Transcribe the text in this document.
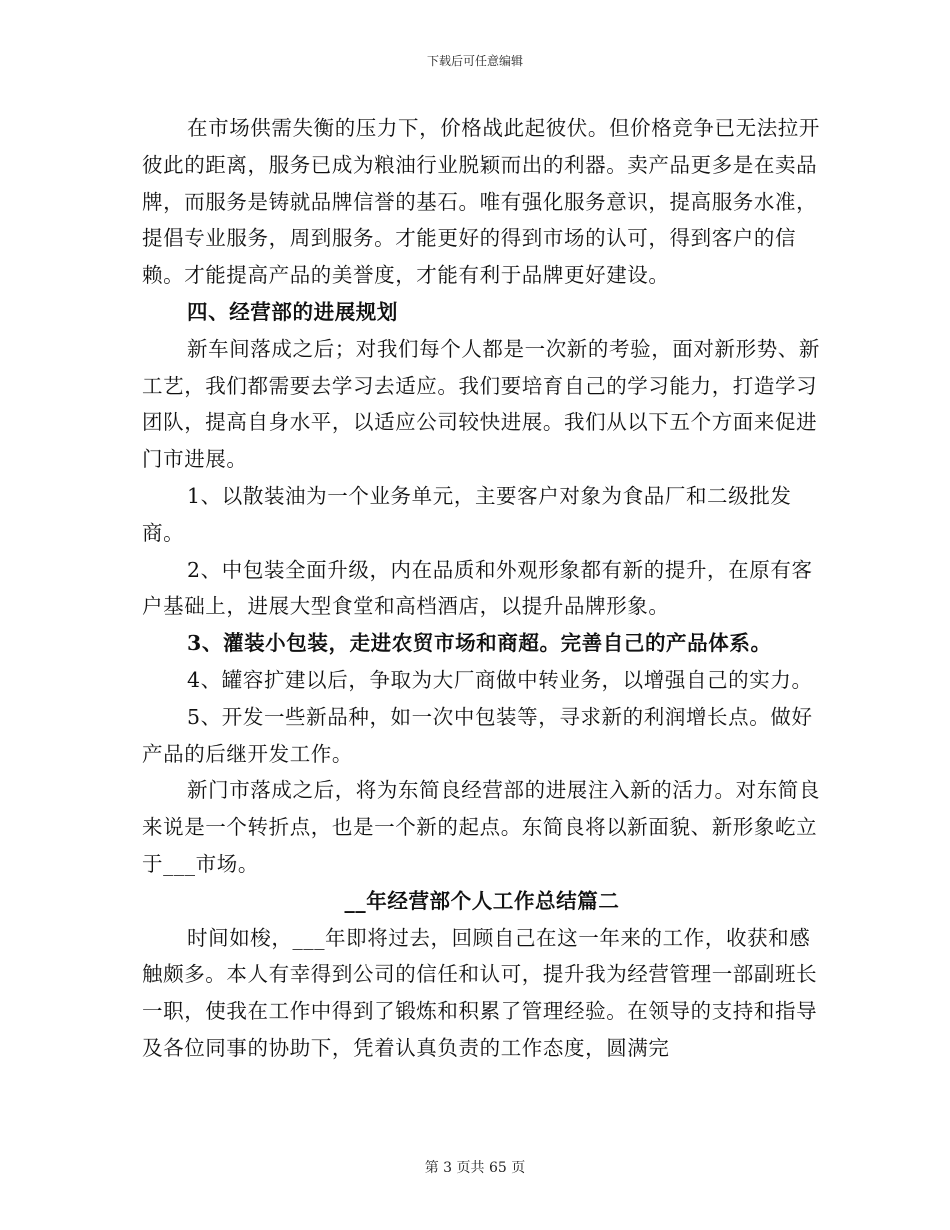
下载后可任意编辑

在市场供需失衡的压力下，价格战此起彼伏。但价格竞争已无法拉开彼此的距离，服务已成为粮油行业脱颖而出的利器。卖产品更多是在卖品牌，而服务是铸就品牌信誉的基石。唯有强化服务意识，提高服务水准，提倡专业服务，周到服务。才能更好的得到市场的认可，得到客户的信赖。才能提高产品的美誉度，才能有利于品牌更好建设。

四、经营部的进展规划

新车间落成之后；对我们每个人都是一次新的考验，面对新形势、新工艺，我们都需要去学习去适应。我们要培育自己的学习能力，打造学习团队，提高自身水平，以适应公司较快进展。我们从以下五个方面来促进门市进展。

1、以散装油为一个业务单元，主要客户对象为食品厂和二级批发商。

2、中包装全面升级，内在品质和外观形象都有新的提升，在原有客户基础上，进展大型食堂和高档酒店，以提升品牌形象。

3、灌装小包装，走进农贸市场和商超。完善自己的产品体系。

4、罐容扩建以后，争取为大厂商做中转业务，以增强自己的实力。

5、开发一些新品种，如一次中包装等，寻求新的利润增长点。做好产品的后继开发工作。

新门市落成之后，将为东简良经营部的进展注入新的活力。对东简良来说是一个转折点，也是一个新的起点。东简良将以新面貌、新形象屹立于___市场。

__年经营部个人工作总结篇二

时间如梭，___年即将过去，回顾自己在这一年来的工作，收获和感触颇多。本人有幸得到公司的信任和认可，提升我为经营管理一部副班长一职，使我在工作中得到了锻炼和积累了管理经验。在领导的支持和指导及各位同事的协助下，凭着认真负责的工作态度，圆满完

第 3 页共 65 页
